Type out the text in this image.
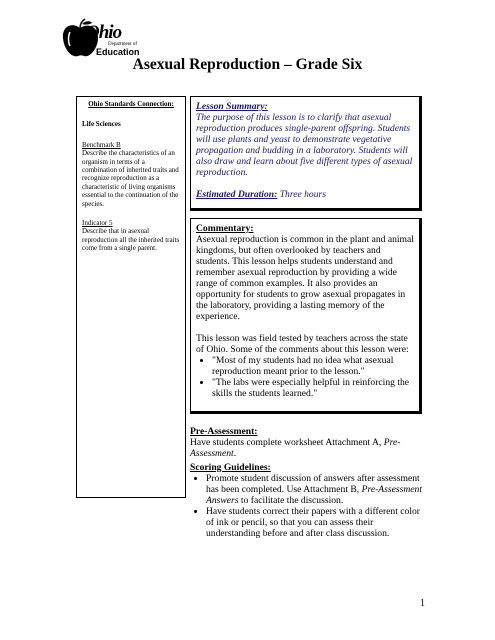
Ohio
Department of
Education
Asexual Reproduction – Grade Six
Ohio Standards Connection:
Life Sciences
Benchmark B
Describe the characteristics of an organism in terms of a combination of inherited traits and recognize reproduction as a characteristic of living organisms essential to the continuation of the species.
Indicator 5
Describe that in asexual reproduction all the inherited traits come from a single parent.
Lesson Summary:

The purpose of this lesson is to clarify that asexual reproduction produces single-parent offspring. Students will use plants and yeast to demonstrate vegetative propagation and budding in a laboratory. Students will also draw and learn about five different types of asexual reproduction.

Estimated Duration: Three hours

Commentary:

Asexual reproduction is common in the plant and animal kingdoms, but often overlooked by teachers and students. This lesson helps students understand and remember asexual reproduction by providing a wide range of common examples. It also provides an opportunity for students to grow asexual propagates in the laboratory, providing a lasting memory of the experience.

This lesson was field tested by teachers across the state of Ohio. Some of the comments about this lesson were:

• "Most of my students had no idea what asexual reproduction meant prior to the lesson."
• "The labs were especially helpful in reinforcing the skills the students learned."
Pre-Assessment:

Have students complete worksheet Attachment A, Pre-Assessment.

Scoring Guidelines:
• Promote student discussion of answers after assessment has been completed. Use Attachment B, Pre-Assessment Answers to facilitate the discussion.
• Have students correct their papers with a different color of ink or pencil, so that you can assess their understanding before and after class discussion.
1
